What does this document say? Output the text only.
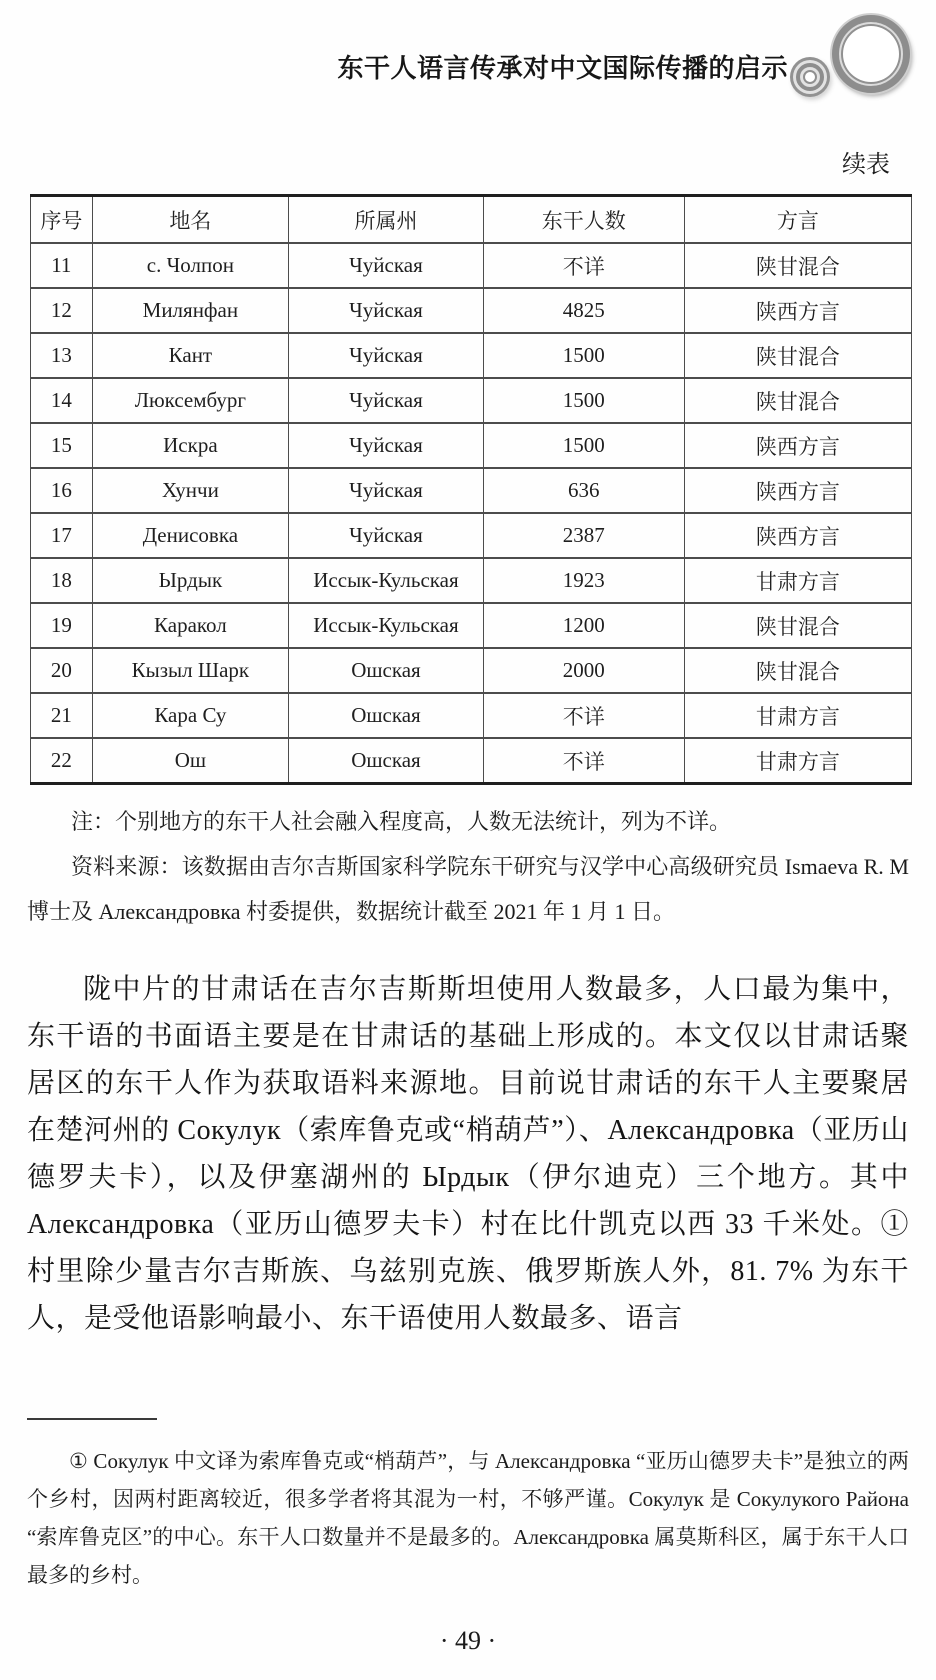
东干人语言传承对中文国际传播的启示
续表
序号	地名	所属州	东干人数	方言
11	с. Чолпон	Чуйская	不详	陕甘混合
12	Милянфан	Чуйская	4825	陕西方言
13	Кант	Чуйская	1500	陕甘混合
14	Люксембург	Чуйская	1500	陕甘混合
15	Искра	Чуйская	1500	陕西方言
16	Хунчи	Чуйская	636	陕西方言
17	Денисовка	Чуйская	2387	陕西方言
18	Ырдык	Иссык-Кульская	1923	甘肃方言
19	Каракол	Иссык-Кульская	1200	陕甘混合
20	Кызыл Шарк	Ошская	2000	陕甘混合
21	Кара Су	Ошская	不详	甘肃方言
22	Ош	Ошская	不详	甘肃方言

注：个别地方的东干人社会融入程度高，人数无法统计，列为不详。

资料来源：该数据由吉尔吉斯国家科学院东干研究与汉学中心高级研究员 Ismaeva R. M 博士及 Александровка 村委提供，数据统计截至 2021 年 1 月 1 日。

陇中片的甘肃话在吉尔吉斯斯坦使用人数最多，人口最为集中，东干语的书面语主要是在甘肃话的基础上形成的。本文仅以甘肃话聚居区的东干人作为获取语料来源地。目前说甘肃话的东干人主要聚居在楚河州的 Сокулук（索库鲁克或“梢葫芦”）、Александровка（亚历山德罗夫卡），以及伊塞湖州的 Ырдык（伊尔迪克）三个地方。其中 Александровка（亚历山德罗夫卡）村在比什凯克以西 33 千米处。① 村里除少量吉尔吉斯族、乌兹别克族、俄罗斯族人外，81. 7% 为东干人，是受他语影响最小、东干语使用人数最多、语言

① Сокулук 中文译为索库鲁克或“梢葫芦”，与 Александровка “亚历山德罗夫卡”是独立的两个乡村，因两村距离较近，很多学者将其混为一村，不够严谨。Сокулук 是 Сокулукого Района “索库鲁克区”的中心。东干人口数量并不是最多的。Александровка 属莫斯科区，属于东干人口最多的乡村。

· 49 ·
